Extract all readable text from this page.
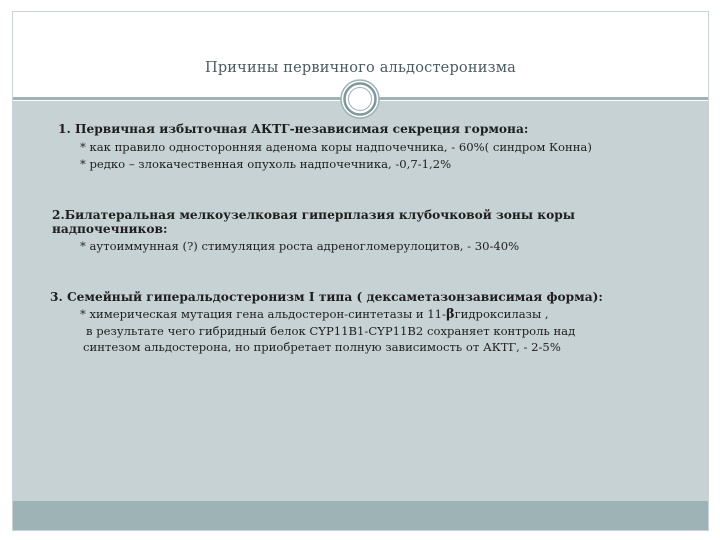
Причины первичного альдостеронизма
1. Первичная избыточная АКТГ-независимая секреция гормона:
* как правило односторонняя аденома коры надпочечника, - 60%( синдром Конна)
* редко – злокачественная опухоль надпочечника, -0,7-1,2%
2.Билатеральная мелкоузелковая гиперплазия клубочковой зоны коры
надпочечников:
* аутоиммунная (?) стимуляция роста адреногломерулоцитов, - 30-40%
3. Семейный гиперальдостеронизм I типа ( дексаметазонзависимая форма):
* химерическая мутация гена альдостерон-синтетазы и 11-βгидроксилазы ,
в результате чего гибридный белок CYP11B1-CYP11B2 сохраняет контроль над
синтезом альдостерона, но приобретает полную зависимость от АКТГ, - 2-5%
